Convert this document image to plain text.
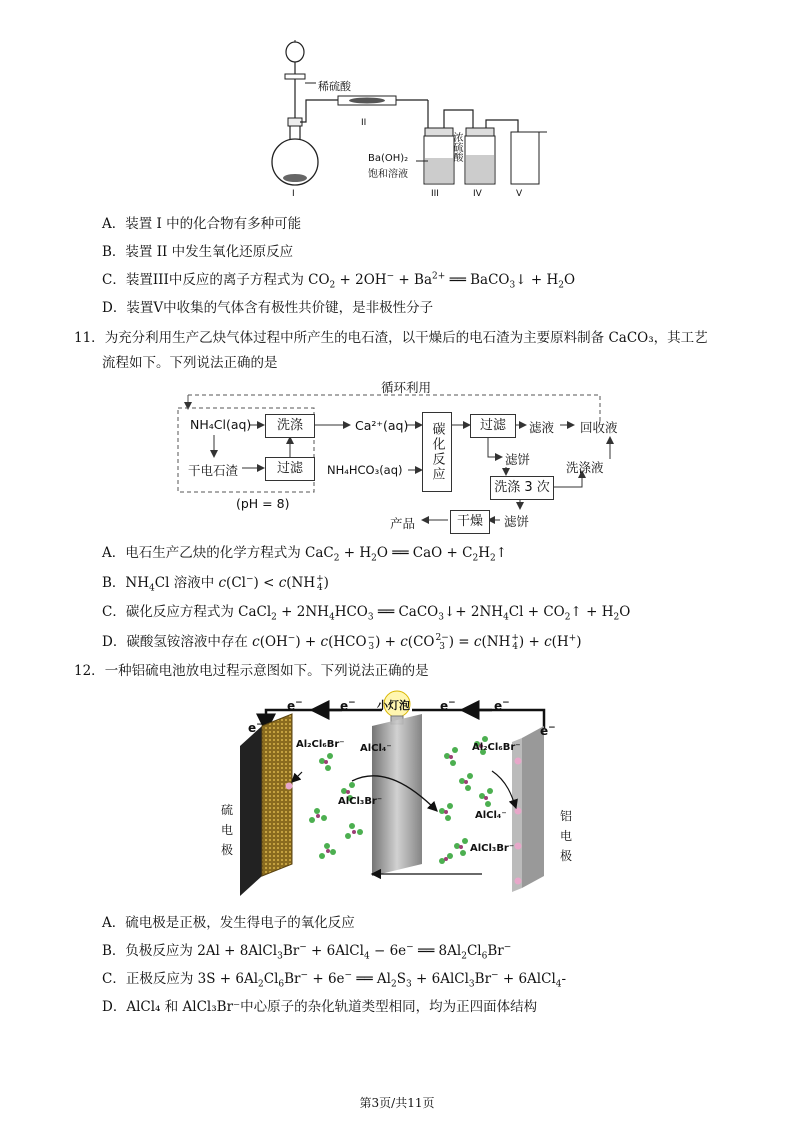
稀硫酸
II
I	III	IV	V
Ba(OH)₂
饱和溶液
浓硫酸
A．装置 I 中的化合物有多种可能
B．装置 II 中发生氧化还原反应
C．装置III中反应的离子方程式为 $CO_2 + 2OH^- + Ba^{2+}$ ══ BaCO$_3$↓ + $H_2O$
D．装置V中收集的气体含有极性共价键，是非极性分子
11．为充分利用生产乙炔气体过程中所产生的电石渣，以干燥后的电石渣为主要原料制备 CaCO₃，其工艺
流程如下。下列说法正确的是
循环利用
NH₄Cl(aq)	洗涤
干电石渣	过滤
(pH = 8)
Ca²⁺(aq)
NH₄HCO₃(aq)	碳化反应	过滤	滤液 回收液
滤饼
洗涤液
洗涤 3 次
滤饼
干燥
产品
A．电石生产乙炔的化学方程式为 $CaC_2 + H_2O$ ══ CaO + $C_2H_2↑$
B．$NH_4Cl$ 溶液中 c(Cl−) < c(NH+
4)
C．碳化反应方程式为 CaCl$_2$ + $2NH_4HCO_3$ ══ CaCO$_3$↓+ $2NH_4Cl$ + $CO_2↑ + H_2O$
D．碳酸氢铵溶液中存在 c(OH−) + c(HCO−
3) + c(CO2−
3 ) = c(NH+
4) + c(H+)
12．一种铝硫电池放电过程示意图如下。下列说法正确的是
小灯泡
e−	e−	e−	e−
e−	e−
Al₂Cl₆Br⁻ AlCl₄⁻
AlCl₃Br⁻
Al₂Cl₆Br⁻
AlCl₄⁻
AlCl₃Br⁻
硫
电
极
铝
电
极
A．硫电极是正极，发生得电子的氧化反应
B．负极反应为 2Al + 8AlCl$_3$Br− + 6AlCl$_4$ − 6e− ══ $8Al_2Cl_6Br^-$
C．正极反应为 $3S + 6Al_2Cl_6Br^- + 6e^-$ ══ $Al_2S_3$ + 6AlCl$_3$Br− + 6AlCl$_4$-
D．AlCl₄ 和 AlCl₃Br⁻中心原子的杂化轨道类型相同，均为正四面体结构
第3页/共11页
